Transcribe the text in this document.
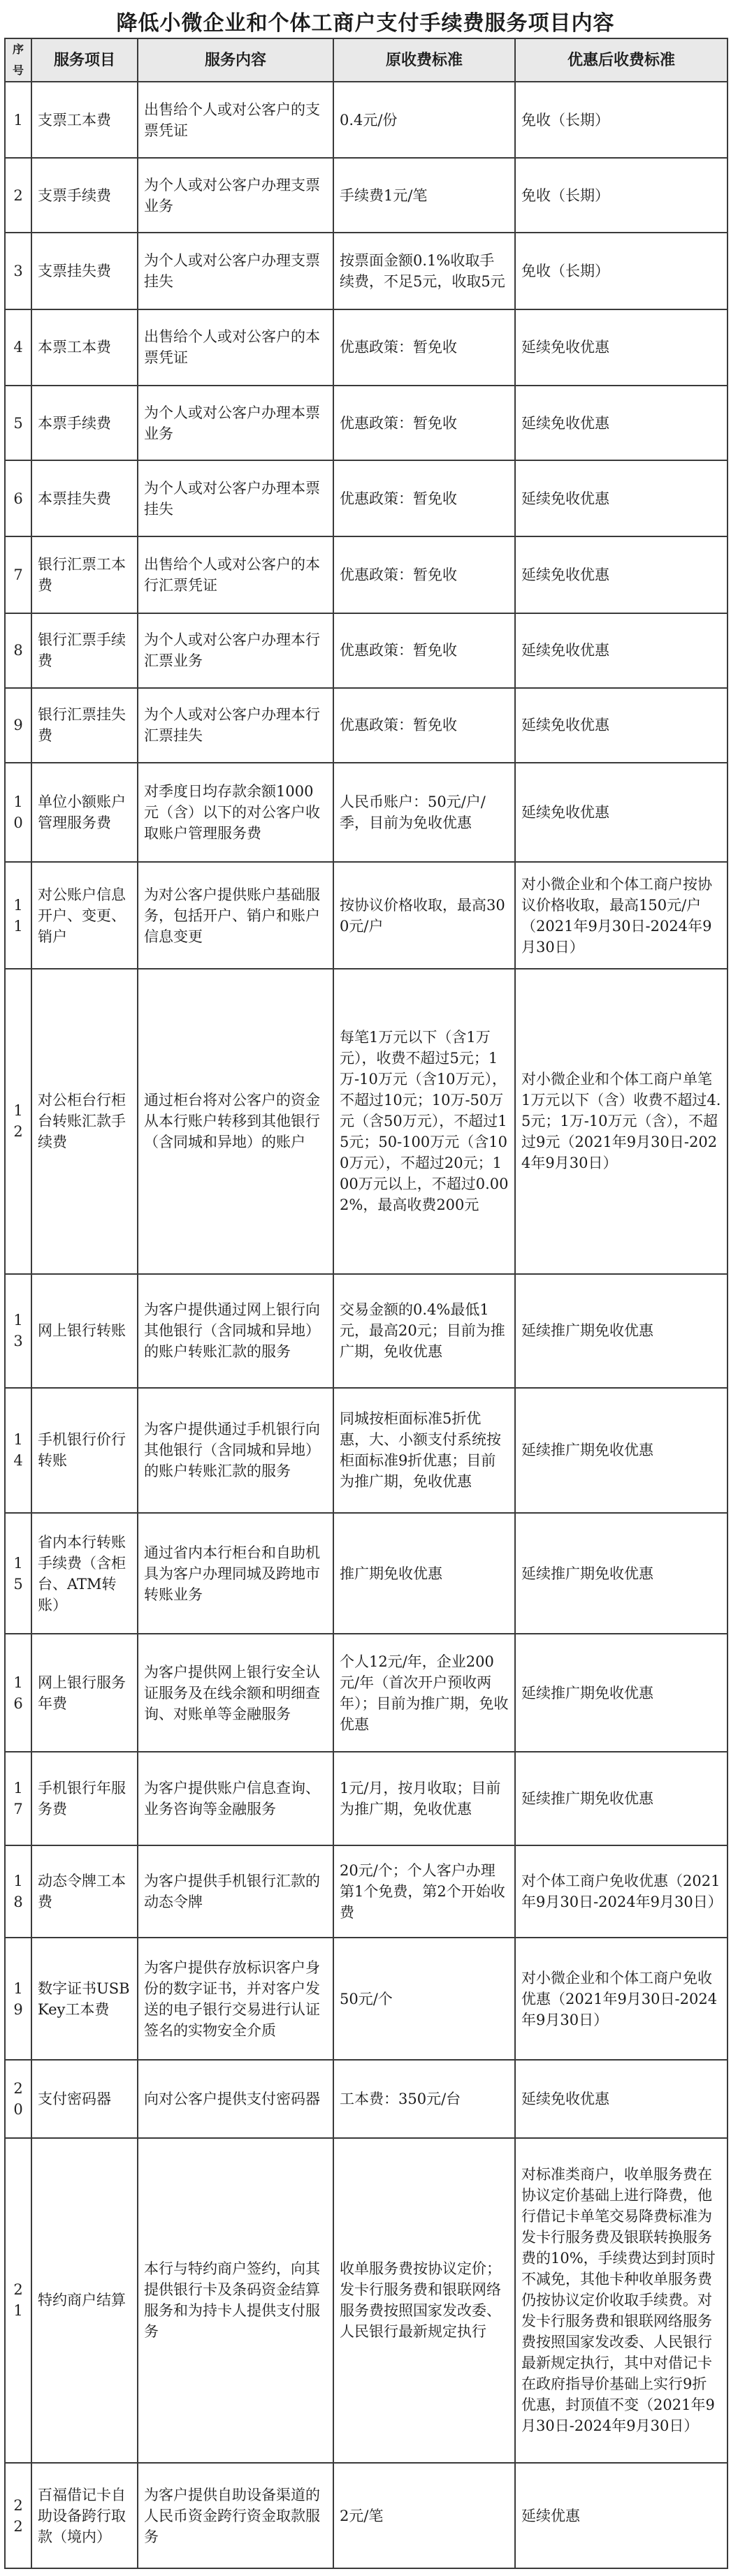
降低小微企业和个体工商户支付手续费服务项目内容
序号	服务项目	服务内容	原收费标准	优惠后收费标准
1	支票工本费	出售给个人或对公客户的支票凭证	0.4元/份	免收（长期）
2	支票手续费	为个人或对公客户办理支票业务	手续费1元/笔	免收（长期）
3	支票挂失费	为个人或对公客户办理支票挂失	按票面金额0.1%收取手续费，不足5元，收取5元	免收（长期）
4	本票工本费	出售给个人或对公客户的本票凭证	优惠政策：暂免收	延续免收优惠
5	本票手续费	为个人或对公客户办理本票业务	优惠政策：暂免收	延续免收优惠
6	本票挂失费	为个人或对公客户办理本票挂失	优惠政策：暂免收	延续免收优惠
7	银行汇票工本费	出售给个人或对公客户的本行汇票凭证	优惠政策：暂免收	延续免收优惠
8	银行汇票手续费	为个人或对公客户办理本行汇票业务	优惠政策：暂免收	延续免收优惠
9	银行汇票挂失费	为个人或对公客户办理本行汇票挂失	优惠政策：暂免收	延续免收优惠
10	单位小额账户管理服务费	对季度日均存款余额1000元（含）以下的对公客户收取账户管理服务费	人民币账户：50元/户/季，目前为免收优惠	延续免收优惠
11	对公账户信息开户、变更、销户	为对公客户提供账户基础服务，包括开户、销户和账户信息变更	按协议价格收取，最高300元/户	对小微企业和个体工商户按协议价格收取，最高150元/户（2021年9月30日-2024年9月30日）
12	对公柜台行柜台转账汇款手续费	通过柜台将对公客户的资金从本行账户转移到其他银行（含同城和异地）的账户	每笔1万元以下（含1万元），收费不超过5元；1万-10万元（含10万元），不超过10元；10万-50万元（含50万元），不超过15元；50-100万元（含100万元），不超过20元；100万元以上，不超过0.002%，最高收费200元	对小微企业和个体工商户单笔1万元以下（含）收费不超过4.5元；1万-10万元（含），不超过9元（2021年9月30日-2024年9月30日）
13	网上银行转账	为客户提供通过网上银行向其他银行（含同城和异地）的账户转账汇款的服务	交易金额的0.4%最低1元，最高20元；目前为推广期，免收优惠	延续推广期免收优惠
14	手机银行价行转账	为客户提供通过手机银行向其他银行（含同城和异地）的账户转账汇款的服务	同城按柜面标准5折优惠，大、小额支付系统按柜面标准9折优惠；目前为推广期，免收优惠	延续推广期免收优惠
15	省内本行转账手续费（含柜台、ATM转账）	通过省内本行柜台和自助机具为客户办理同城及跨地市转账业务	推广期免收优惠	延续推广期免收优惠
16	网上银行服务年费	为客户提供网上银行安全认证服务及在线余额和明细查询、对账单等金融服务	个人12元/年，企业200元/年（首次开户预收两年）；目前为推广期，免收优惠	延续推广期免收优惠
17	手机银行年服务费	为客户提供账户信息查询、业务咨询等金融服务	1元/月，按月收取；目前为推广期，免收优惠	延续推广期免收优惠
18	动态令牌工本费	为客户提供手机银行汇款的动态令牌	20元/个；个人客户办理第1个免费，第2个开始收费	对个体工商户免收优惠（2021年9月30日-2024年9月30日）
19	数字证书USBKey工本费	为客户提供存放标识客户身份的数字证书，并对客户发送的电子银行交易进行认证签名的实物安全介质	50元/个	对小微企业和个体工商户免收优惠（2021年9月30日-2024年9月30日）
20	支付密码器	向对公客户提供支付密码器	工本费：350元/台	延续免收优惠
21	特约商户结算	本行与特约商户签约，向其提供银行卡及条码资金结算服务和为持卡人提供支付服务	收单服务费按协议定价；发卡行服务费和银联网络服务费按照国家发改委、人民银行最新规定执行	对标准类商户，收单服务费在协议定价基础上进行降费，他行借记卡单笔交易降费标准为发卡行服务费及银联转换服务费的10%，手续费达到封顶时不减免，其他卡种收单服务费仍按协议定价收取手续费。对发卡行服务费和银联网络服务费按照国家发改委、人民银行最新规定执行，其中对借记卡在政府指导价基础上实行9折优惠，封顶值不变（2021年9月30日-2024年9月30日）
22	百福借记卡自助设备跨行取款（境内）	为客户提供自助设备渠道的人民币资金跨行资金取款服务	2元/笔	延续优惠
